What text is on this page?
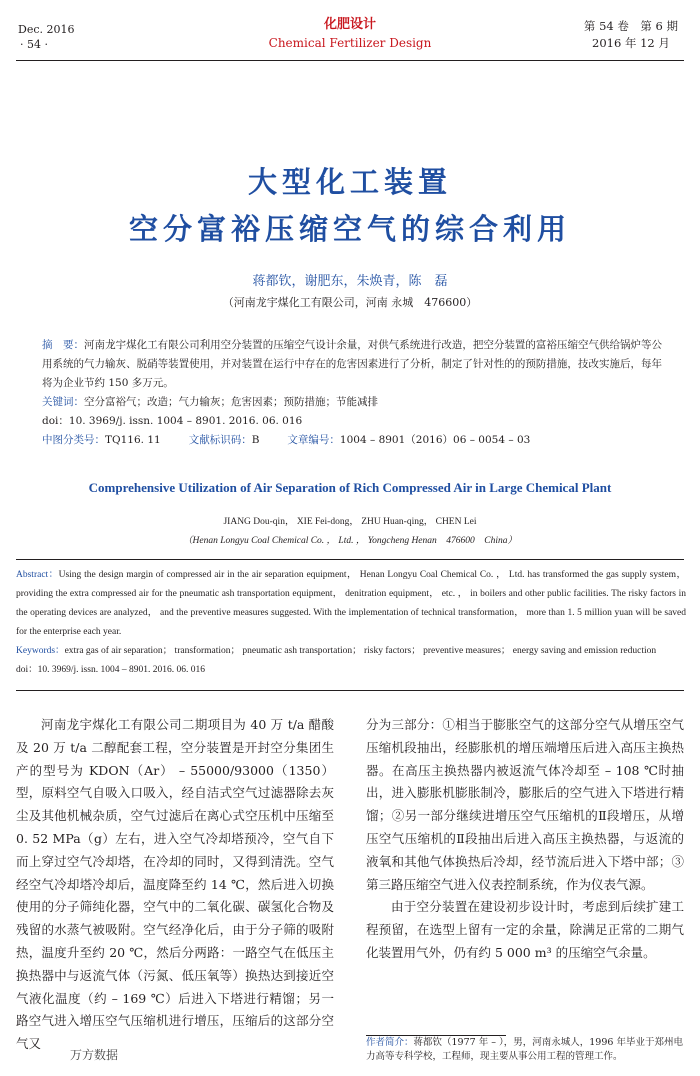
Dec. 2016
· 54 ·
化肥设计
Chemical Fertilizer Design
第 54 卷　第 6 期
2016 年 12 月
大型化工装置
空分富裕压缩空气的综合利用
蒋都钦，谢肥东，朱焕青，陈　磊
（河南龙宇煤化工有限公司，河南 永城　476600）
摘　要：河南龙宇煤化工有限公司利用空分装置的压缩空气设计余量，对供气系统进行改造，把空分装置的富裕压缩空气供给锅炉等公用系统的气力输灰、脱硝等装置使用，并对装置在运行中存在的危害因素进行了分析，制定了针对性的的预防措施，技改实施后，每年将为企业节约 150 多万元。
关键词：空分富裕气；改造；气力输灰；危害因素；预防措施；节能减排
doi：10. 3969/j. issn. 1004 – 8901. 2016. 06. 016
中图分类号：TQ116. 11	文献标识码：B	文章编号：1004 – 8901（2016）06 – 0054 – 03
Comprehensive Utilization of Air Separation of Rich Compressed Air in Large Chemical Plant
JIANG Dou-qin， XIE Fei-dong， ZHU Huan-qing， CHEN Lei
（Henan Longyu Coal Chemical Co. ， Ltd. ， Yongcheng Henan　476600　China）
Abstract：Using the design margin of compressed air in the air separation equipment， Henan Longyu Coal Chemical Co. ， Ltd. has transformed the gas supply system， providing the extra compressed air for the pneumatic ash transportation equipment， denitration equipment， etc. ， in boilers and other public facilities. The risky factors in the operating devices are analyzed， and the preventive measures suggested. With the implementation of technical transformation， more than 1. 5 million yuan will be saved for the enterprise each year.
Keywords：extra gas of air separation； transformation； pneumatic ash transportation； risky factors； preventive measures； energy saving and emission reduction
doi：10. 3969/j. issn. 1004 – 8901. 2016. 06. 016

河南龙宇煤化工有限公司二期项目为 40 万 t/a 醋酸及 20 万 t/a 二醇配套工程，空分装置是开封空分集团生产的型号为 KDON（Ar） – 55000/93000（1350）型，原料空气自吸入口吸入，经自洁式空气过滤器除去灰尘及其他机械杂质，空气过滤后在离心式空压机中压缩至 0. 52 MPa（g）左右，进入空气冷却塔预冷，空气自下而上穿过空气冷却塔，在冷却的同时，又得到清洗。空气经空气冷却塔冷却后，温度降至约 14 ℃，然后进入切换使用的分子筛纯化器，空气中的二氧化碳、碳氢化合物及残留的水蒸气被吸附。空气经净化后，由于分子筛的吸附热，温度升至约 20 ℃，然后分两路：一路空气在低压主换热器中与返流气体（污氮、低压氧等）换热达到接近空气液化温度（约 – 169 ℃）后进入下塔进行精馏；另一路空气进入增压空气压缩机进行增压，压缩后的这部分空气又

分为三部分：①相当于膨胀空气的这部分空气从增压空气压缩机段抽出，经膨胀机的增压端增压后进入高压主换热器。在高压主换热器内被返流气体冷却至 – 108 ℃时抽出，进入膨胀机膨胀制冷，膨胀后的空气进入下塔进行精馏；②另一部分继续进增压空气压缩机的Ⅱ段增压，从增压空气压缩机的Ⅱ段抽出后进入高压主换热器，与返流的液氧和其他气体换热后冷却，经节流后进入下塔中部；③第三路压缩空气进入仪表控制系统，作为仪表气源。

由于空分装置在建设初步设计时，考虑到后续扩建工程预留，在选型上留有一定的余量，除满足正常的二期气化装置用气外，仍有约 5 000 m³ 的压缩空气余量。

作者简介：蒋都钦（1977 年 – ），男，河南永城人，1996 年毕业于郑州电力高等专科学校，工程师，现主要从事公用工程的管理工作。
万方数据
